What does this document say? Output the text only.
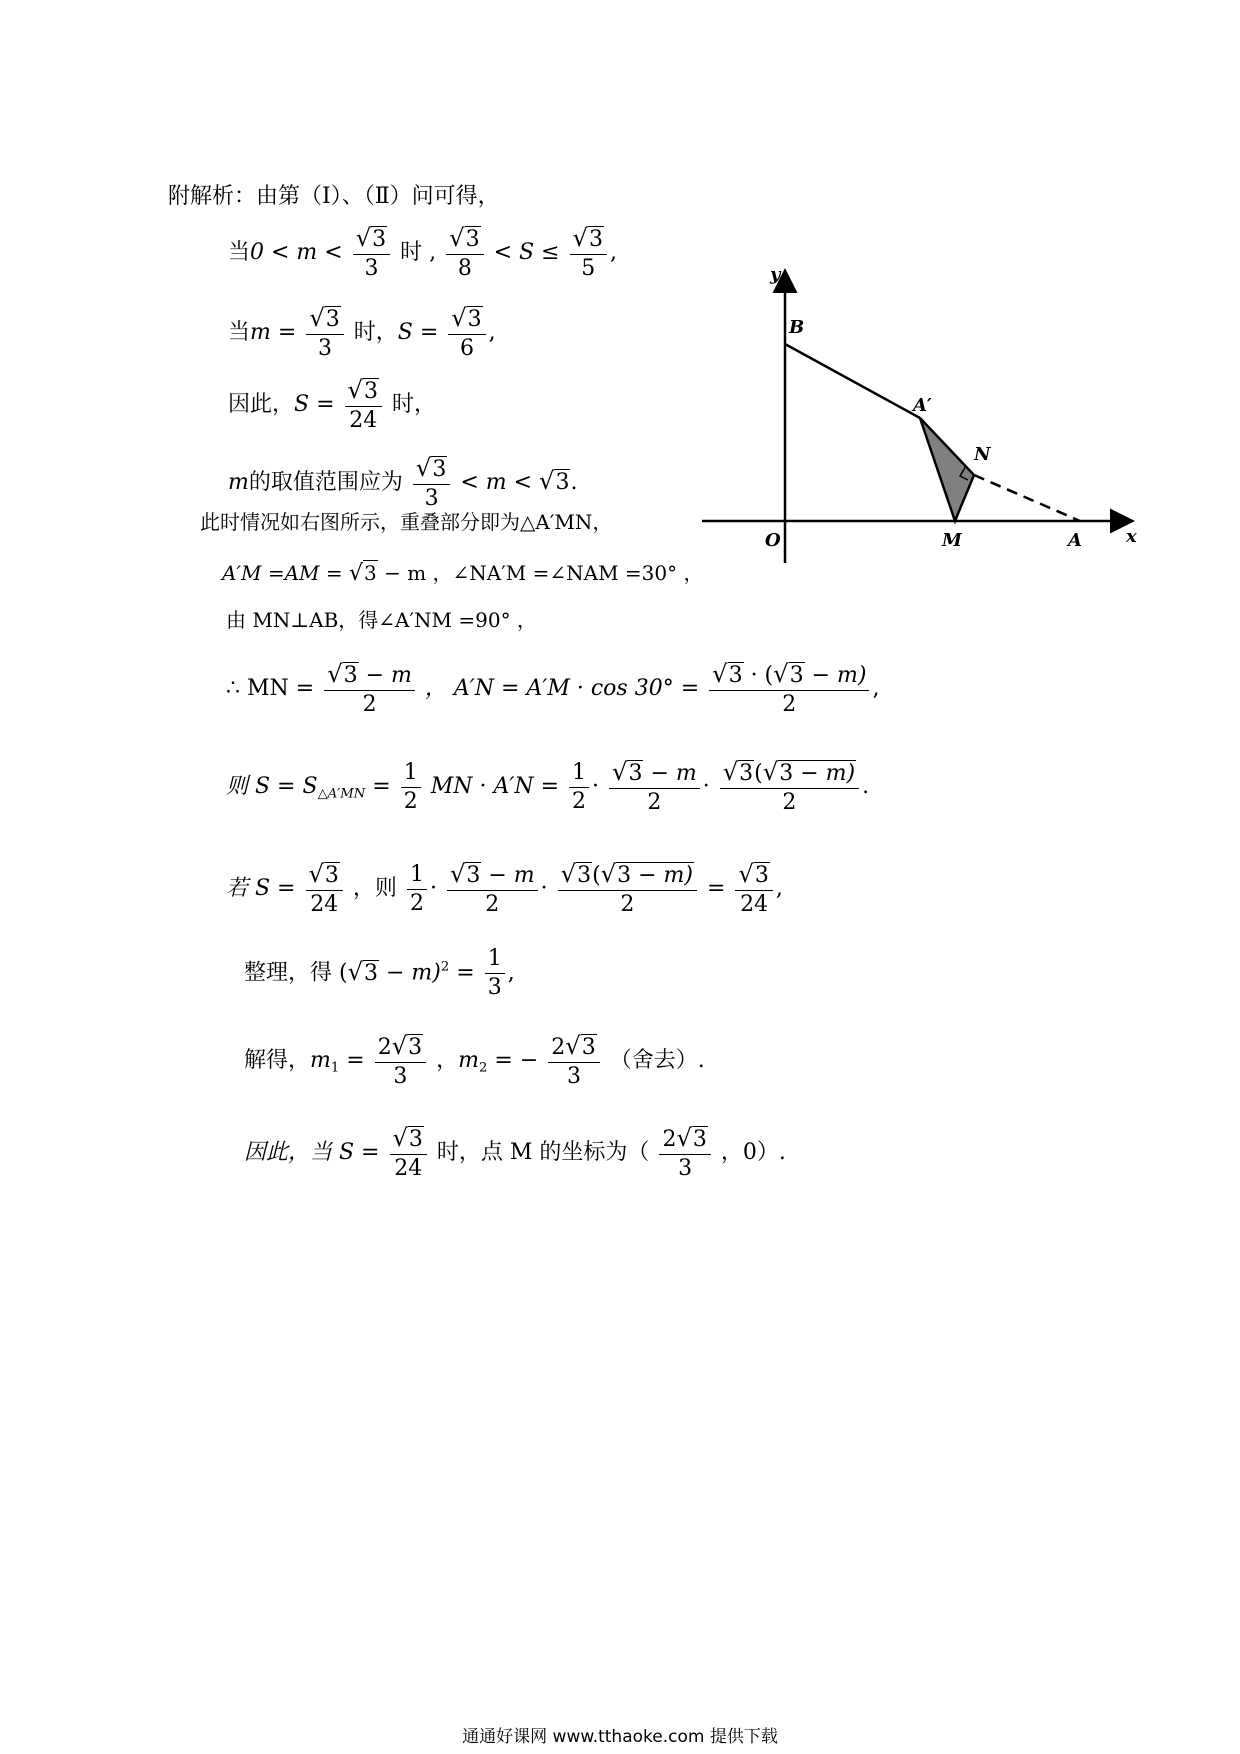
附解析：由第（Ⅰ）、（Ⅱ）问可得，
当$0 < m < \frac{√3}{3}$ 时 , $\frac{√3}{8} < S \le \frac{√3}{5}$ ,
当$m = \frac{√3}{3}$ 时，$S = \frac{√3}{6}$ ,
因此，$S = \frac{√3}{24}$ 时，
m的取值范围应为 $\frac{√3}{3} < m < √3$.
此时情况如右图所示，重叠部分即为△A′MN，
A′M =AM = √3 − m ，∠NA′M =∠NAM =30° ，
由 MN⊥AB，得∠A′NM =90° ，
∴ MN = $\frac{√3 - m}{2}$ ， $A'N = A'M \cdot \cos 30^\circ = \frac{√3 \cdot (√3 - m)}{2}$ ,
则 $S = S_{\triangle A'MN} = \frac{1}{2}$ MN · $A'N = \frac{1}{2} \cdot \frac{√3 - m}{2} \cdot \frac{√3(√3 - m)}{2}$ .
若 $S = \frac{√3}{24}$ ，则 $\frac{1}{2} \cdot \frac{√3 - m}{2} \cdot \frac{√3(√3 - m)}{2} = \frac{√3}{24}$ ,
整理，得 $(√3 - m)^2 = \frac{1}{3}$ ,
解得，$m_1 = \frac{2√3}{3}$ ，$m_2$ = − $\frac{2√3}{3}$ （舍去）.
因此，当 $S = \frac{√3}{24}$ 时，点 M 的坐标为（ $\frac{2√3}{3}$ ，0）.
y
x
O
B
A′
N
M	A
通通好课网 www.tthaoke.com 提供下载
